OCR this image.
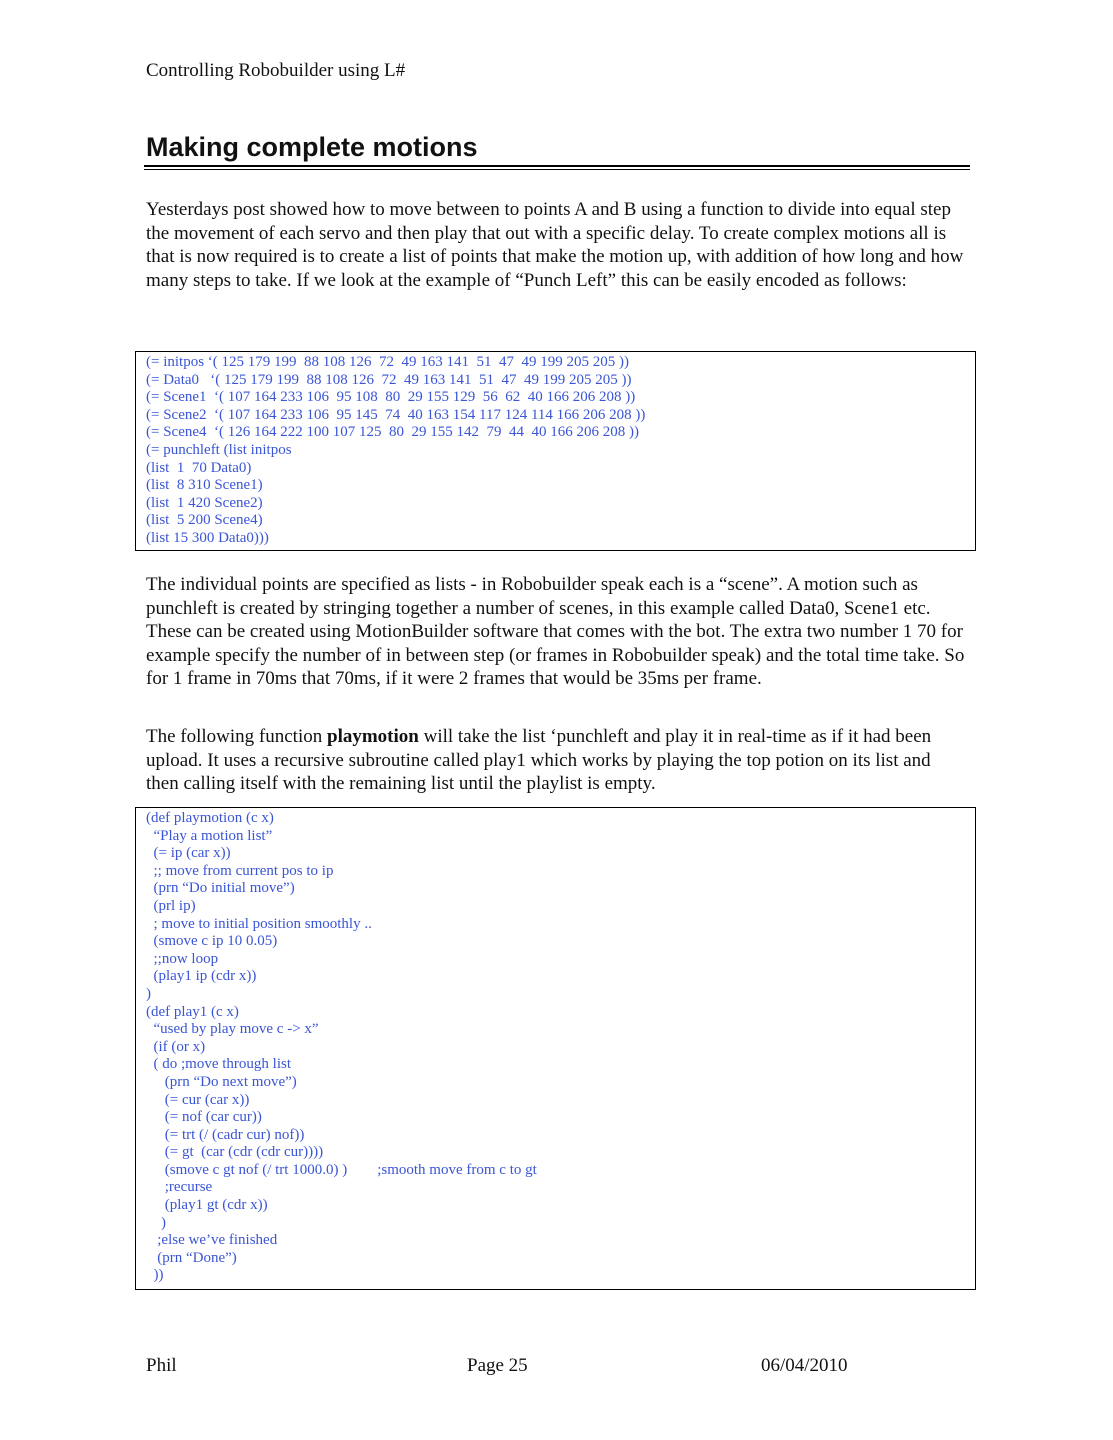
Controlling Robobuilder using L#
Making complete motions
Yesterdays post showed how to move between to points A and B using a function to divide into equal step the movement of each servo and then play that out with a specific delay. To create complex motions all is that is now required is to create a list of points that make the motion up, with addition of how long and how many steps to take. If we look at the example of “Punch Left” this can be easily encoded as follows:
(= initpos ‘( 125 179 199  88 108 126  72  49 163 141  51  47  49 199 205 205 ))
(= Data0   ‘( 125 179 199  88 108 126  72  49 163 141  51  47  49 199 205 205 ))
(= Scene1  ‘( 107 164 233 106  95 108  80  29 155 129  56  62  40 166 206 208 ))
(= Scene2  ‘( 107 164 233 106  95 145  74  40 163 154 117 124 114 166 206 208 ))
(= Scene4  ‘( 126 164 222 100 107 125  80  29 155 142  79  44  40 166 206 208 ))
(= punchleft (list initpos
(list  1  70 Data0)
(list  8 310 Scene1)
(list  1 420 Scene2)
(list  5 200 Scene4)
(list 15 300 Data0)))
The individual points are specified as lists - in Robobuilder speak each is a “scene”. A motion such as punchleft is created by stringing together a number of scenes, in this example called Data0, Scene1 etc. These can be created using MotionBuilder software that comes with the bot. The extra two number 1 70 for example specify the number of in between step (or frames in Robobuilder speak) and the total time take. So for 1 frame in 70ms that 70ms, if it were 2 frames that would be 35ms per frame.
The following function playmotion will take the list ‘punchleft and play it in real-time as if it had been upload. It uses a recursive subroutine called play1 which works by playing the top potion on its list and then calling itself with the remaining list until the playlist is empty.
(def playmotion (c x)
“Play a motion list”
(= ip (car x))
;; move from current pos to ip
(prn “Do initial move”)
(prl ip)
; move to initial position smoothly ..
(smove c ip 10 0.05)
;;now loop
(play1 ip (cdr x))
)
(def play1 (c x)
“used by play move c -> x”
(if (or x)
( do ;move through list
(prn “Do next move”)
(= cur (car x))
(= nof (car cur))
(= trt (/ (cadr cur) nof))
(= gt  (car (cdr (cdr cur))))
(smove c gt nof (/ trt 1000.0) )        ;smooth move from c to gt
;recurse
(play1 gt (cdr x))
)
;else we’ve finished
(prn “Done”)
))
Phil	Page 25	06/04/2010
